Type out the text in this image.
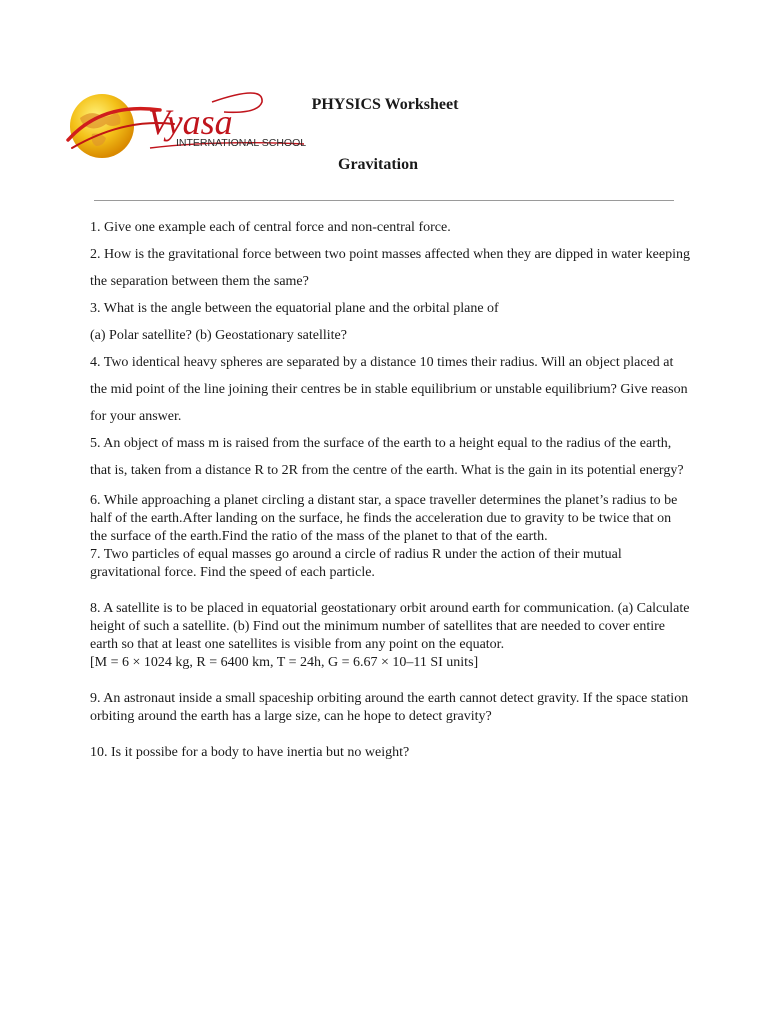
Vyasa
INTERNATIONAL SCHOOL
PHYSICS Worksheet
Gravitation

1. Give one example each of central force and non-central force.

2. How is the gravitational force between two point masses affected when they are dipped in water keeping the separation between them the same?

3. What is the angle between the equatorial plane and the orbital plane of

(a) Polar satellite? (b) Geostationary satellite?

4. Two identical heavy spheres are separated by a distance 10 times their radius. Will an object placed at the mid point of the line joining their centres be in stable equilibrium or unstable equilibrium? Give reason for your answer.

5. An object of mass m is raised from the surface of the earth to a height equal to the radius of the earth, that is, taken from a distance R to 2R from the centre of the earth. What is the gain in its potential energy?

6. While approaching a planet circling a distant star, a space traveller determines the planet’s radius to be half of the earth.After landing on the surface, he finds the acceleration due to gravity to be twice that on the surface of the earth.Find the ratio of the mass of the planet to that of the earth.

7. Two particles of equal masses go around a circle of radius R under the action of their mutual gravitational force. Find the speed of each particle.

8. A satellite is to be placed in equatorial geostationary orbit around earth for communication. (a) Calculate height of such a satellite. (b) Find out the minimum number of satellites that are needed to cover entire earth so that at least one satellites is visible from any point on the equator.

[M = 6 × 1024 kg, R = 6400 km, T = 24h, G = 6.67 × 10–11 SI units]

9. An astronaut inside a small spaceship orbiting around the earth cannot detect gravity. If the space station orbiting around the earth has a large size, can he hope to detect gravity?

10. Is it possibe for a body to have inertia but no weight?
